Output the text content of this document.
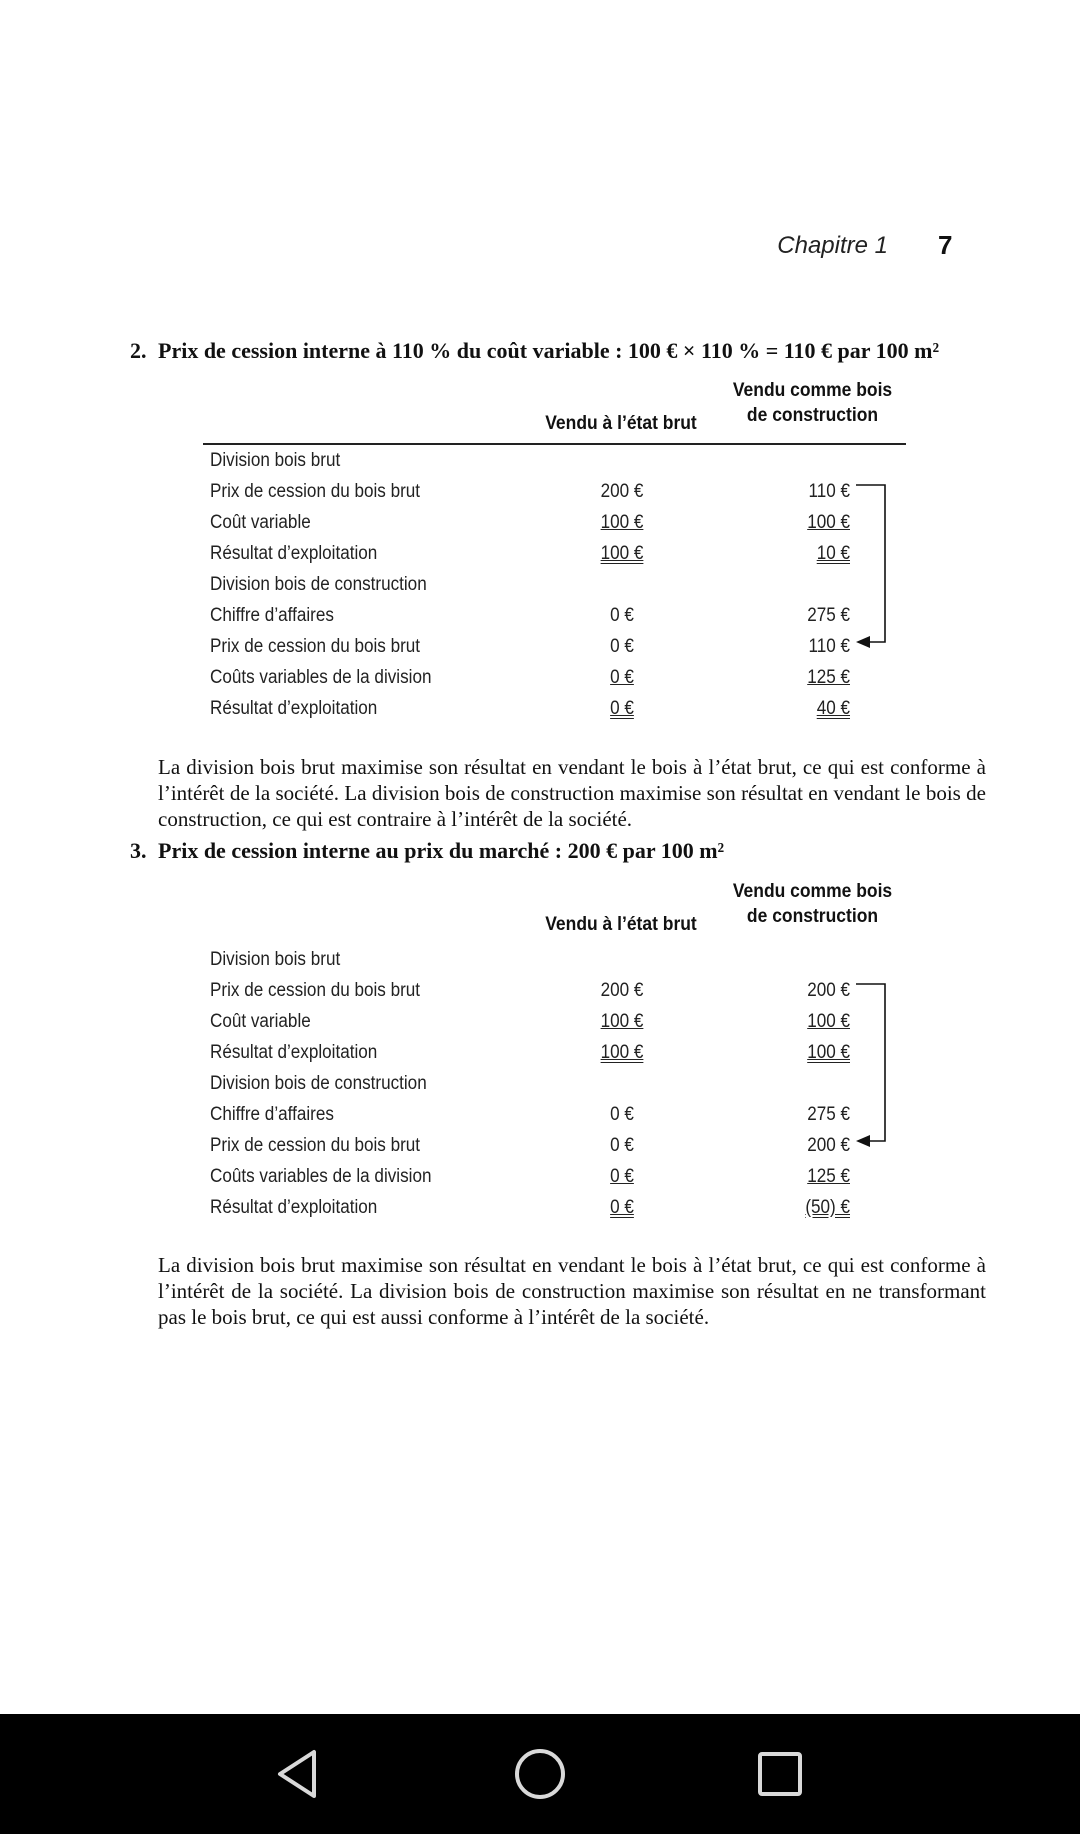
Chapitre 1 7
2. Prix de cession interne à 110 % du coût variable : 100 € × 110 % = 110 € par 100 m²
Vendu comme bois
de construction
Vendu à l’état brut
Division bois brut
Prix de cession du bois brut	200 €	110 €
Coût variable	100 €	100 €
Résultat d’exploitation	100 €	10 €
Division bois de construction
Chiffre d’affaires	0 €	275 €
Prix de cession du bois brut	0 €	110 €
Coûts variables de la division	0 €	125 €
Résultat d’exploitation	0 €	40 €
La division bois brut maximise son résultat en vendant le bois à l’état brut, ce qui est conforme à l’intérêt de la société. La division bois de construction maximise son résultat en vendant le bois de construction, ce qui est contraire à l’intérêt de la société.
3. Prix de cession interne au prix du marché : 200 € par 100 m²
Vendu comme bois
de construction
Vendu à l’état brut
Division bois brut
Prix de cession du bois brut	200 €	200 €
Coût variable	100 €	100 €
Résultat d’exploitation	100 €	100 €
Division bois de construction
Chiffre d’affaires	0 €	275 €
Prix de cession du bois brut	0 €	200 €
Coûts variables de la division	0 €	125 €
Résultat d’exploitation	0 €	(50) €
La division bois brut maximise son résultat en vendant le bois à l’état brut, ce qui est conforme à l’intérêt de la société. La division bois de construction maximise son résultat en ne transformant pas le bois brut, ce qui est aussi conforme à l’intérêt de la société.
